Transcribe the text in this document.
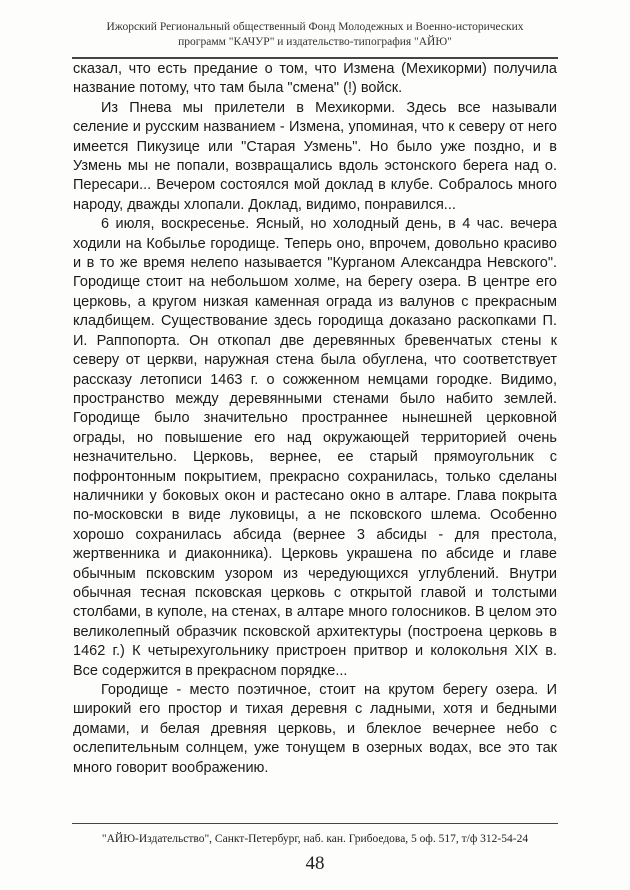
Ижорский Региональный общественный Фонд Молодежных и Военно-исторических
программ "КАЧУР" и издательство-типография "АЙЮ"

сказал, что есть предание о том, что Измена (Мехикорми) получила название потому, что там была "смена" (!) войск.

Из Пнева мы прилетели в Мехикорми. Здесь все называли селение и русским названием - Измена, упоминая, что к северу от него имеется Пикузице или "Старая Узмень". Но было уже поздно, и в Узмень мы не попали, возвращались вдоль эстонского берега над о. Пересари... Вечером состоялся мой доклад в клубе. Собралось много народу, дважды хлопали. Доклад, видимо, понравился...

6 июля, воскресенье. Ясный, но холодный день, в 4 час. вечера ходили на Кобылье городище. Теперь оно, впрочем, довольно красиво и в то же время нелепо называется "Курганом Александра Невского". Городище стоит на небольшом холме, на берегу озера. В центре его церковь, а кругом низкая каменная ограда из валунов с прекрасным кладбищем. Существование здесь городища доказано раскопками П. И. Раппопорта. Он откопал две деревянных бревенчатых стены к северу от церкви, наружная стена была обуглена, что соответствует рассказу летописи 1463 г. о сожженном немцами городке. Видимо, пространство между деревянными стенами было набито землей. Городище было значительно пространнее нынешней церковной ограды, но повышение его над окружающей территорией очень незначительно. Церковь, вернее, ее старый прямоугольник с пофронтонным покрытием, прекрасно сохранилась, только сделаны наличники у боковых окон и растесано окно в алтаре. Глава покрыта по-московски в виде луковицы, а не псковского шлема. Особенно хорошо сохранилась абсида (вернее 3 абсиды - для престола, жертвенника и диаконника). Церковь украшена по абсиде и главе обычным псковским узором из чередующихся углублений. Внутри обычная тесная псковская церковь с открытой главой и толстыми столбами, в куполе, на стенах, в алтаре много голосников. В целом это великолепный образчик псковской архитектуры (построена церковь в 1462 г.) К четырехугольнику пристроен притвор и колокольня XIX в. Все содержится в прекрасном порядке...

Городище - место поэтичное, стоит на крутом берегу озера. И широкий его простор и тихая деревня с ладными, хотя и бедными домами, и белая древняя церковь, и блеклое вечернее небо с ослепительным солнцем, уже тонущем в озерных водах, все это так много говорит воображению.

"АЙЮ-Издательство", Санкт-Петербург, наб. кан. Грибоедова, 5 оф. 517, т/ф 312-54-24
48
